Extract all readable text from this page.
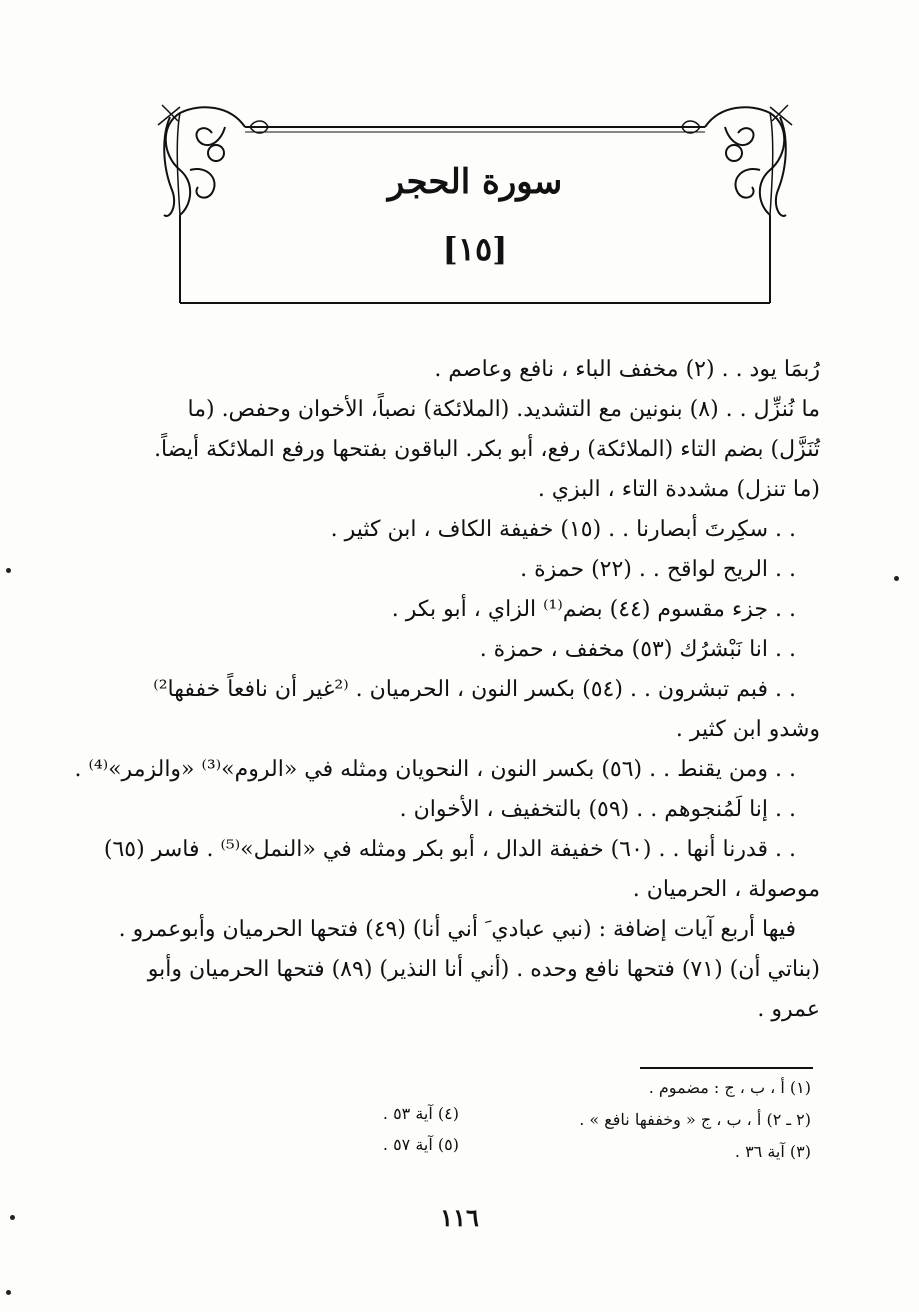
سورة الحجر
[١٥]
رُبمَا يود . . (٢) مخفف الباء ، نافع وعاصم .
ما نُنزِّل . . (٨) بنونين مع التشديد. (الملائكة) نصباً، الأخوان وحفص. (ما
تُنَزَّل) بضم التاء (الملائكة) رفع، أبو بكر. الباقون بفتحها ورفع الملائكة أيضاً.
(ما تنزل) مشددة التاء ، البزي .
. . سكِرتَ أبصارنا . . (١٥) خفيفة الكاف ، ابن كثير .
. . الريح لواقح . . (٢٢) حمزة .
. . جزء مقسوم (٤٤) بضم⁽¹⁾ الزاي ، أبو بكر .
. . انا نَبْشرُك (٥٣) مخفف ، حمزة .
. . فبم تبشرون . . (٥٤) بكسر النون ، الحرميان . ⁽²غير أن نافعاً خففها²⁾
وشدو ابن كثير .
. . ومن يقنط . . (٥٦) بكسر النون ، النحويان ومثله في «الروم»⁽³⁾ «والزمر»⁽⁴⁾ .
. . إنا لَمُنجوهم . . (٥٩) بالتخفيف ، الأخوان .
. . قدرنا أنها . . (٦٠) خفيفة الدال ، أبو بكر ومثله في «النمل»⁽⁵⁾ . فاسر (٦٥)
موصولة ، الحرميان .
فيها أربع آيات إضافة : (نبي عبادي َ أني أنا) (٤٩) فتحها الحرميان وأبوعمرو .
(بناتي أن) (٧١) فتحها نافع وحده . (أني أنا النذير) (٨٩) فتحها الحرميان وأبو
عمرو .
(١) أ ، ب ، ج : مضموم .
(٢ ـ ٢) أ ، ب ، ج « وخففها نافع » .
(٣) آية ٣٦ .
(٤) آية ٥٣ .
(٥) آية ٥٧ .
١١٦
